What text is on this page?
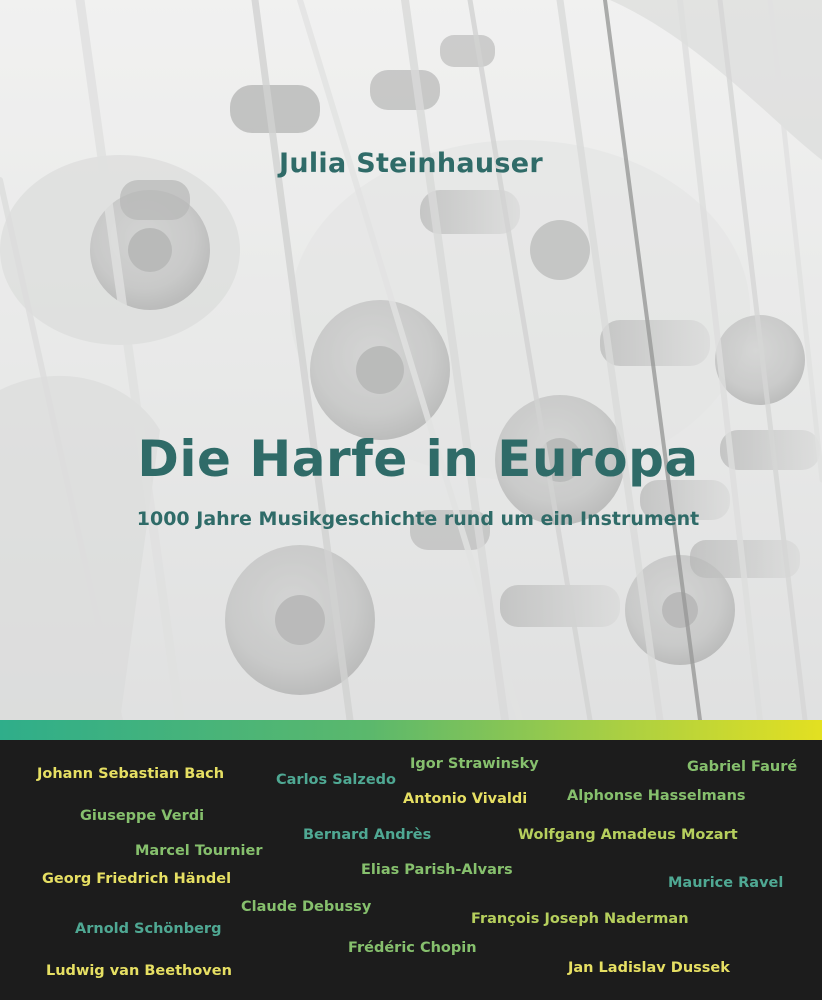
Julia Steinhauser
Die Harfe in Europa
1000 Jahre Musikgeschichte rund um ein Instrument
Johann Sebastian Bach	Carlos Salzedo
Igor Strawinsky	Gabriel Fauré
Antonio Vivaldi	Alphonse Hasselmans
Giuseppe Verdi
Bernard Andrès	Wolfgang Amadeus Mozart
Marcel Tournier
Georg Friedrich Händel
Elias Parish-Alvars
Maurice Ravel
Claude Debussy
François Joseph Naderman
Arnold Schönberg
Frédéric Chopin
Ludwig van Beethoven	Jan Ladislav Dussek
